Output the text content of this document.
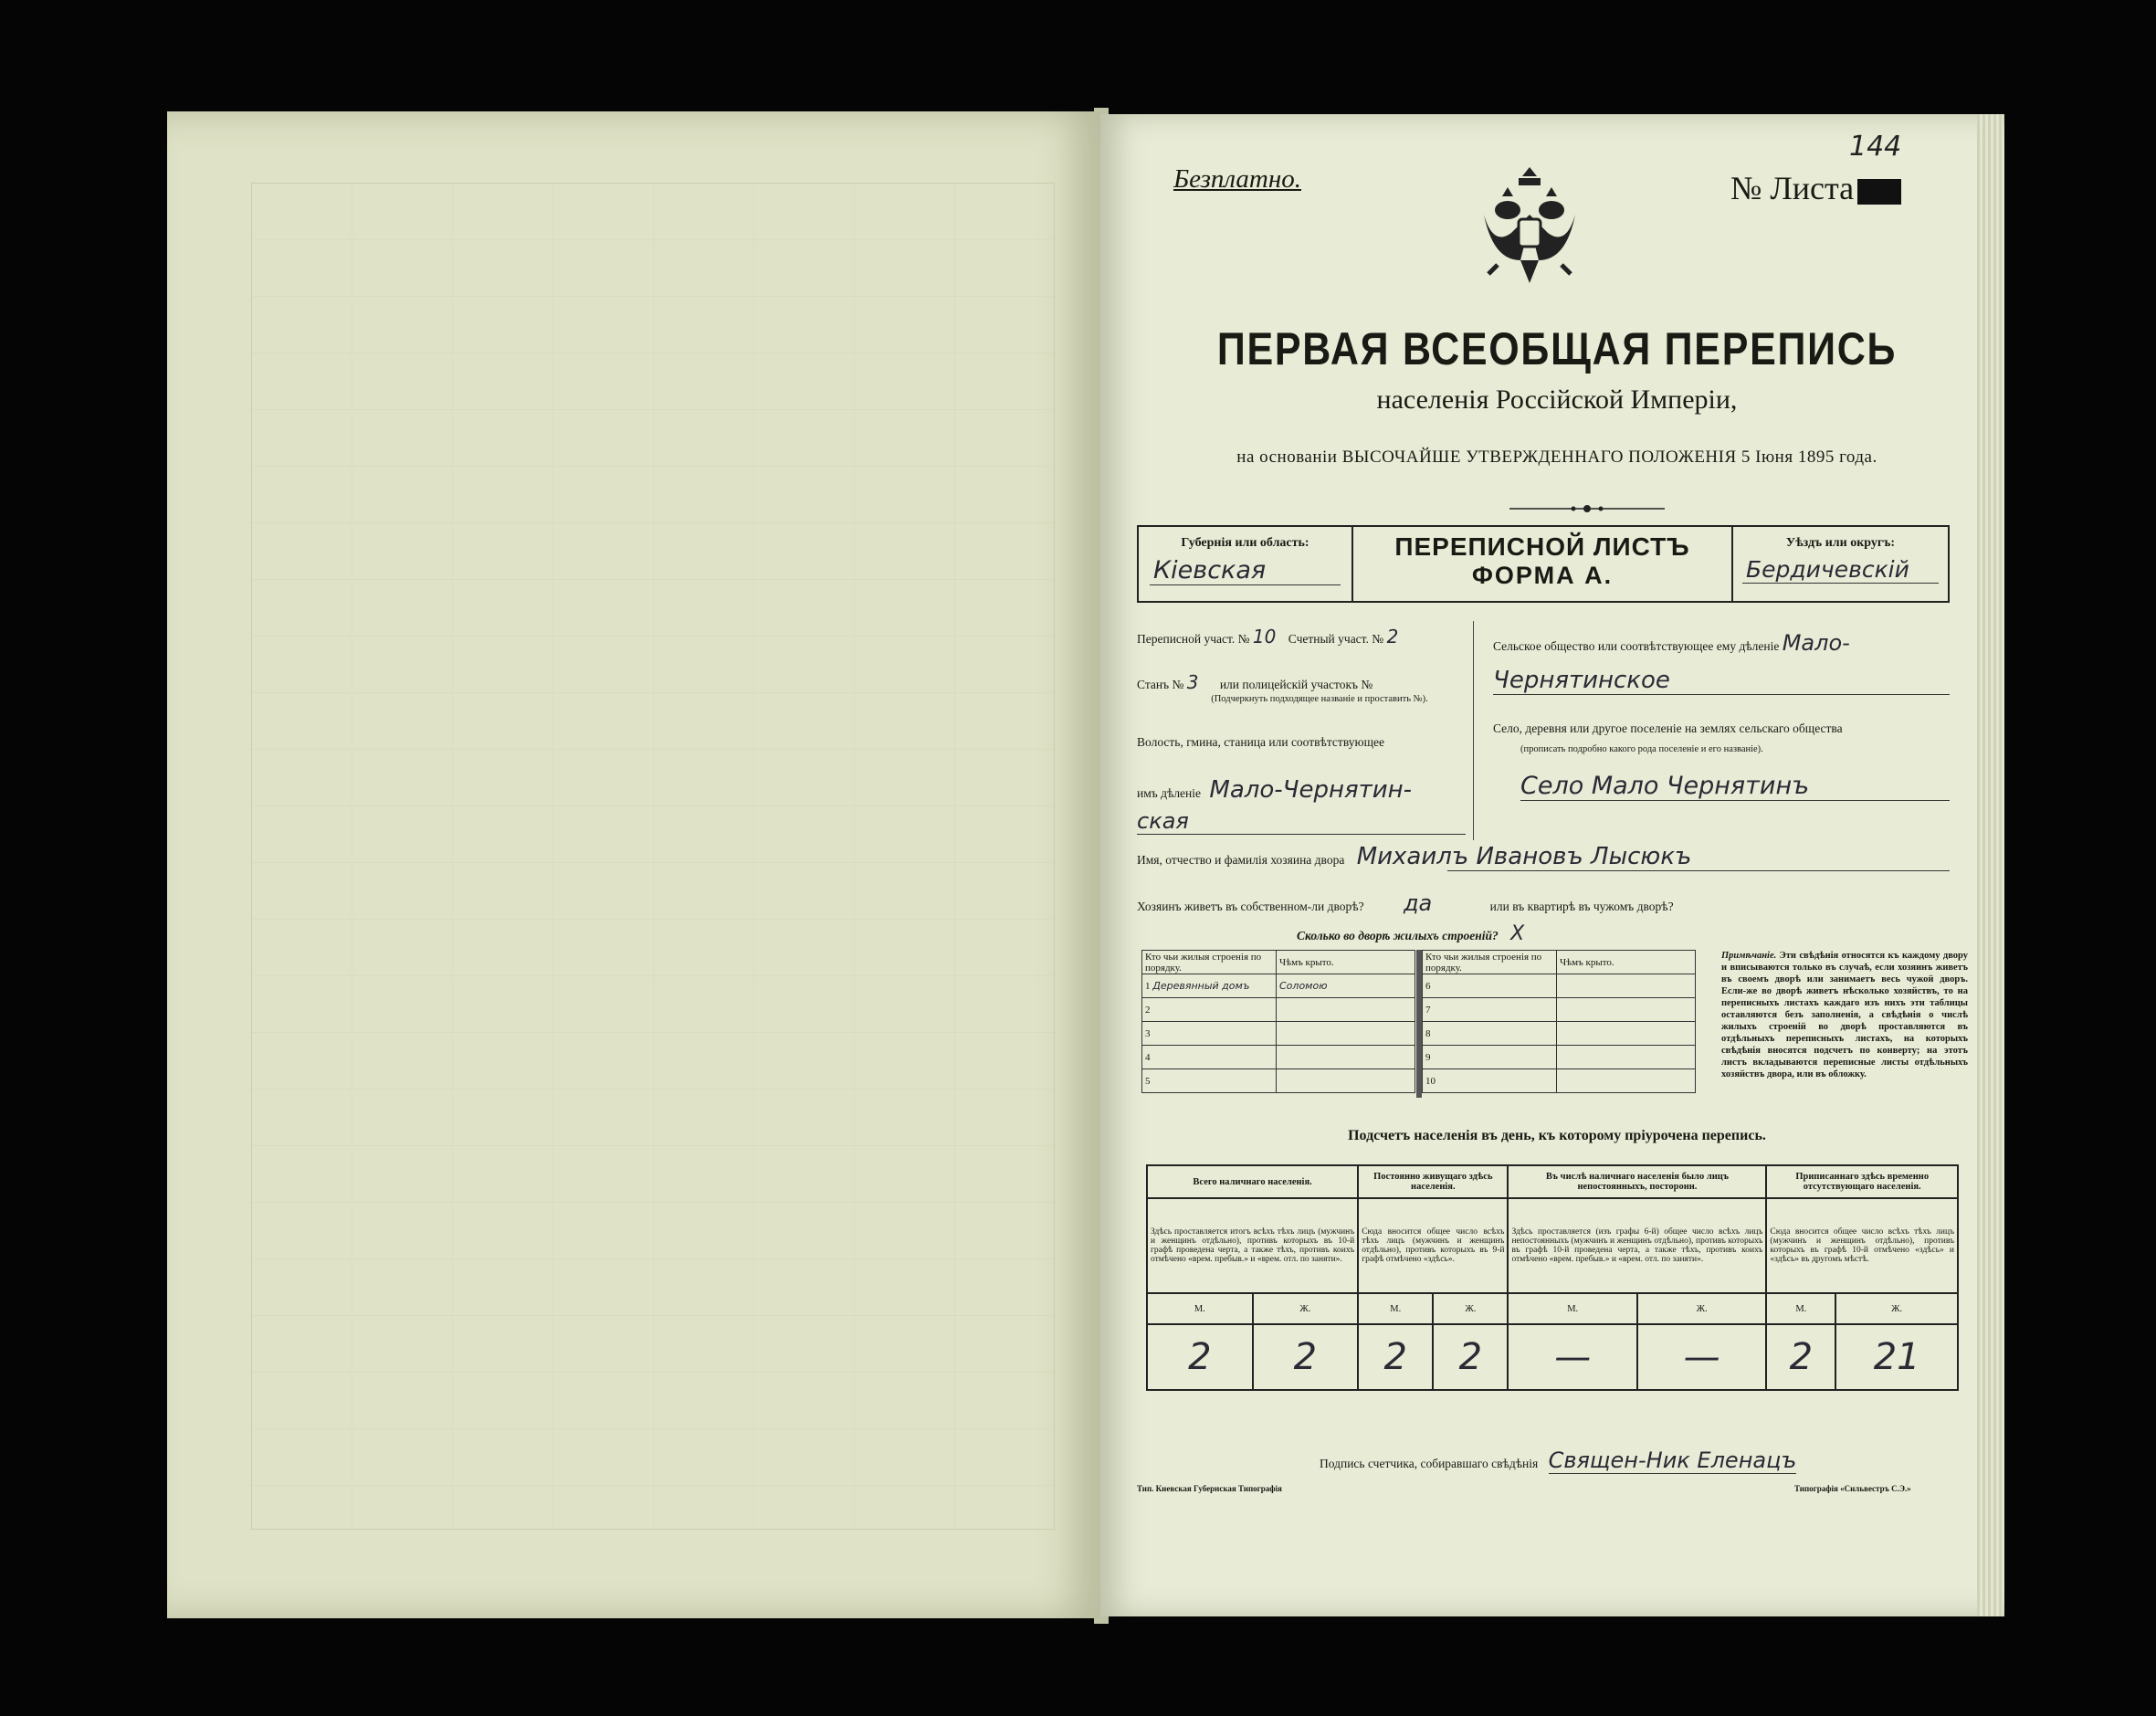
Безплатно.	№ Листа
144
ПЕРВАЯ ВСЕОБЩАЯ ПЕРЕПИСЬ
населенія Россійской Имперіи,
на основаніи ВЫСОЧАЙШЕ УТВЕРЖДЕННАГО ПОЛОЖЕНІЯ 5 Іюня 1895 года.
Губернія или область:
Кіевская
ПЕРЕПИСНОЙ ЛИСТЪ
ФОРМА А.
Уѣздъ или округъ:
Бердичевскій
Переписной участ. № 10 Счетный участ. № 2
Станъ № 3 или полицейскій участокъ №
(Подчеркнуть подходящее названіе и проставить №).
Волость, гмина, станица или соотвѣтствующее
имъ дѣленіе Мало-Чернятин-
ская
Сельское общество или соотвѣтствующее ему дѣленіе Мало-
Чернятинское
Село, деревня или другое поселеніе на землях сельскаго общества
(прописать подробно какого рода поселеніе и его названіе).
Село Мало Чернятинъ
Имя, отчество и фамилія хозяина двора Михаилъ Ивановъ Лысюкъ
Хозяинъ живетъ въ собственном-ли дворѣ? да	или въ квартирѣ въ чужомъ дворѣ?
Сколько во дворѣ жилыхъ строеній? Х
Кто чьи жилыя строенія по порядку.	Чѣмъ крыто.
1 Деревянный домъ	Соломою
2	
3	
4	
5	
Кто чьи жилыя строенія по порядку.	Чѣмъ крыто.
6	
7	
8	
9	
10	
Примѣчаніе. Эти свѣдѣнія относятся къ каждому двору и вписываются только въ случаѣ, если хозяинъ живетъ въ своемъ дворѣ или занимаетъ весь чужой дворъ. Если-же во дворѣ живетъ нѣсколько хозяйствъ, то на переписныхъ листахъ каждаго изъ нихъ эти таблицы оставляются безъ заполненія, а свѣдѣнія о числѣ жилыхъ строеній во дворѣ проставляются въ отдѣльныхъ переписныхъ листахъ, на которыхъ свѣдѣнія вносятся подсчетъ по конверту; на этотъ листъ вкладываются переписные листы отдѣльныхъ хозяйствъ двора, или въ обложку.
Подсчетъ населенія въ день, къ которому пріурочена перепись.
Всего наличнаго населенія.		Постоянно живущаго здѣсь населенія.		Въ числѣ наличнаго населенія было лицъ непостоянныхъ, посторонн.		Приписаннаго здѣсь временно отсутствующаго населенія.	
Здѣсь проставляется итогъ всѣхъ тѣхъ лицъ (мужчинъ и женщинъ отдѣльно), противъ которыхъ въ 10-й графѣ проведена черта, а также тѣхъ, противъ коихъ отмѣчено «врем. пребыв.» и «врем. отл. по заняти».		Сюда вносится общее число всѣхъ тѣхъ лицъ (мужчинъ и женщинъ отдѣльно), противъ которыхъ въ 9-й графѣ отмѣчено «здѣсь».		Здѣсь проставляется (изъ графы 6-й) общее число всѣхъ лицъ непостоянныхъ (мужчинъ и женщинъ отдѣльно), противъ которыхъ въ графѣ 10-й проведена черта, а также тѣхъ, противъ коихъ отмѣчено «врем. пребыв.» и «врем. отл. по заняти».		Сюда вносится общее число всѣхъ тѣхъ лицъ (мужчинъ и женщинъ отдѣльно), противъ которыхъ въ графѣ 10-й отмѣчено «здѣсь» и «здѣсь» въ другомъ мѣстѣ.	
М.	Ж.	М.	Ж.	М.	Ж.	М.	Ж.
2	2	2	2	—	—	2	21
Подпись счетчика, собиравшаго свѣдѣнія Священ-Ник Еленацъ
Тип. Киевская Губернская Типографія	Типографія «Сильвестръ С.Э.»
